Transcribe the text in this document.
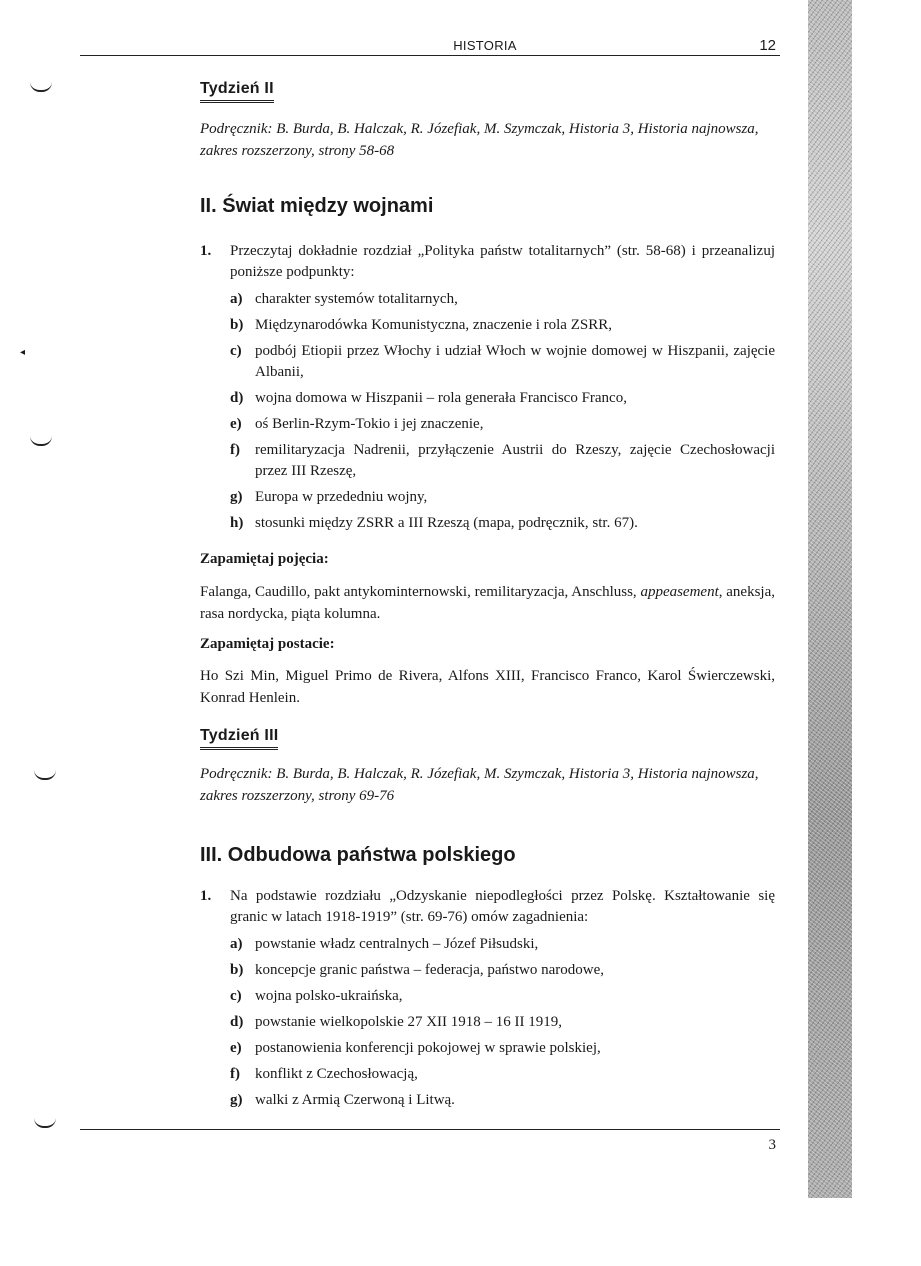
◂
HISTORIA	12
Tydzień II

Podręcznik: B. Burda, B. Halczak, R. Józefiak, M. Szymczak, Historia 3, Historia najnowsza, zakres rozszerzony, strony 58-68

II. Świat między wojnami
1.	Przeczytaj dokładnie rozdział „Polityka państw totalitarnych” (str. 58-68) i przeanalizuj poniższe podpunkty:
a) charakter systemów totalitarnych,
b) Międzynarodówka Komunistyczna, znaczenie i rola ZSRR,
c) podbój Etiopii przez Włochy i udział Włoch w wojnie domowej w Hiszpanii, zajęcie Albanii,
d) wojna domowa w Hiszpanii – rola generała Francisco Franco,
e) oś Berlin-Rzym-Tokio i jej znaczenie,
f)	remilitaryzacja Nadrenii, przyłączenie Austrii do Rzeszy, zajęcie Czechosłowacji przez III Rzeszę,
g) Europa w przededniu wojny,
h) stosunki między ZSRR a III Rzeszą (mapa, podręcznik, str. 67).

Zapamiętaj pojęcia:

Falanga, Caudillo, pakt antykominternowski, remilitaryzacja, Anschluss, appeasement, aneksja, rasa nordycka, piąta kolumna.

Zapamiętaj postacie:

Ho Szi Min, Miguel Primo de Rivera, Alfons XIII, Francisco Franco, Karol Świerczewski, Konrad Henlein.

Tydzień III

Podręcznik: B. Burda, B. Halczak, R. Józefiak, M. Szymczak, Historia 3, Historia najnowsza, zakres rozszerzony, strony 69-76

III. Odbudowa państwa polskiego
1.	Na podstawie rozdziału „Odzyskanie niepodległości przez Polskę. Kształtowanie się granic w latach 1918-1919” (str. 69-76) omów zagadnienia:
a) powstanie władz centralnych – Józef Piłsudski,
b) koncepcje granic państwa – federacja, państwo narodowe,
c) wojna polsko-ukraińska,
d) powstanie wielkopolskie 27 XII 1918 – 16 II 1919,
e) postanowienia konferencji pokojowej w sprawie polskiej,
f)	konflikt z Czechosłowacją,
g) walki z Armią Czerwoną i Litwą.
3
